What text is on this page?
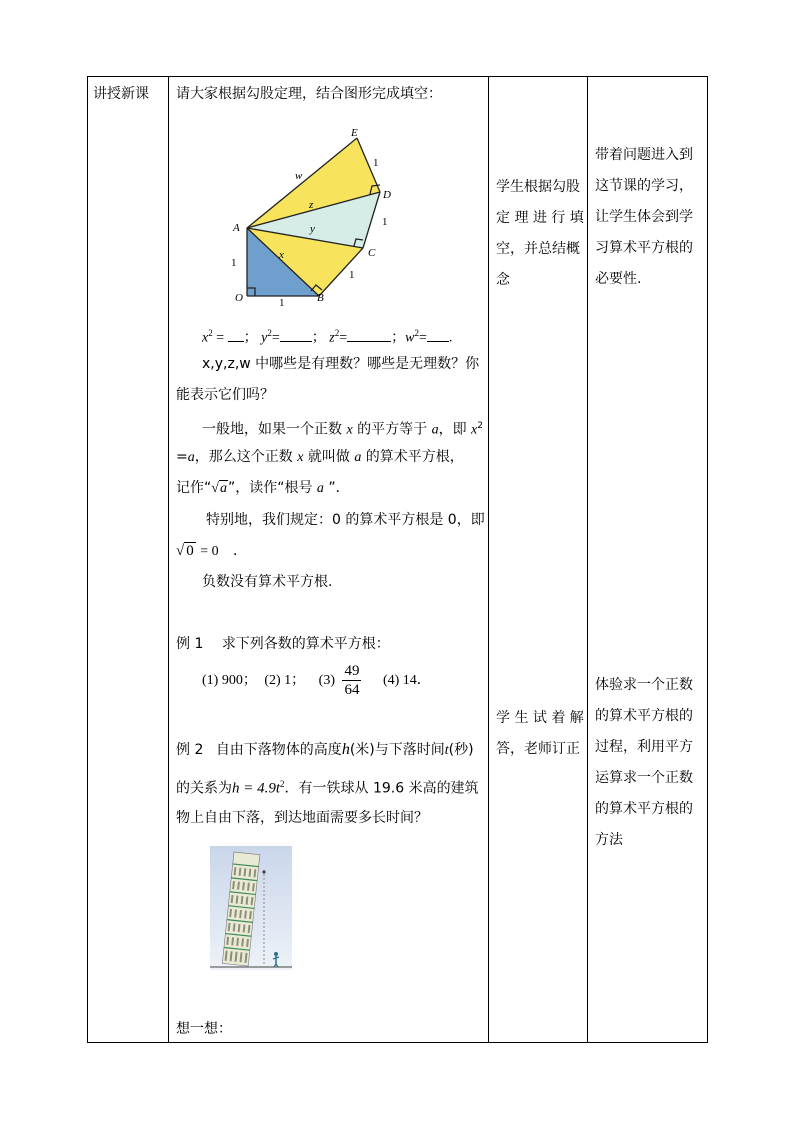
讲授新课 请大家根据勾股定理，结合图形完成填空：
E
D
A
C
O	B
w
z
y
x
1
1
1
1
1
$x^2$ = ； $y^2=$ ； $z^2=$	；$w^2=$ .
x,y,z,w 中哪些是有理数？哪些是无理数？你
能表示它们吗？
一般地，如果一个正数 x 的平方等于 a，即 $x^2$
=a，那么这个正数 x 就叫做 a 的算术平方根，
记作“√a”，读作“根号 a ”．
特别地，我们规定：0 的算术平方根是 0，即
√ 0 = 0 ．
负数没有算术平方根.
例 1 求下列各数的算术平方根：
(1) 900； (2) 1； $(3) \frac{49}{64} (4)$ 14．
例 2 自由下落物体的高度h(米)与下落时间t(秒)
的关系为$h = 4.9t^2$．有一铁球从 19.6 米高的建筑
物上自由下落，到达地面需要多长时间？
想一想：
学生根据勾股
定 理 进 行 填
空，并总结概
念
学 生 试 着 解
答，老师订正
带着问题进入到
这节课的学习，
让学生体会到学
习算术平方根的
必要性.
体验求一个正数
的算术平方根的
过程，利用平方
运算求一个正数
的算术平方根的
方法
